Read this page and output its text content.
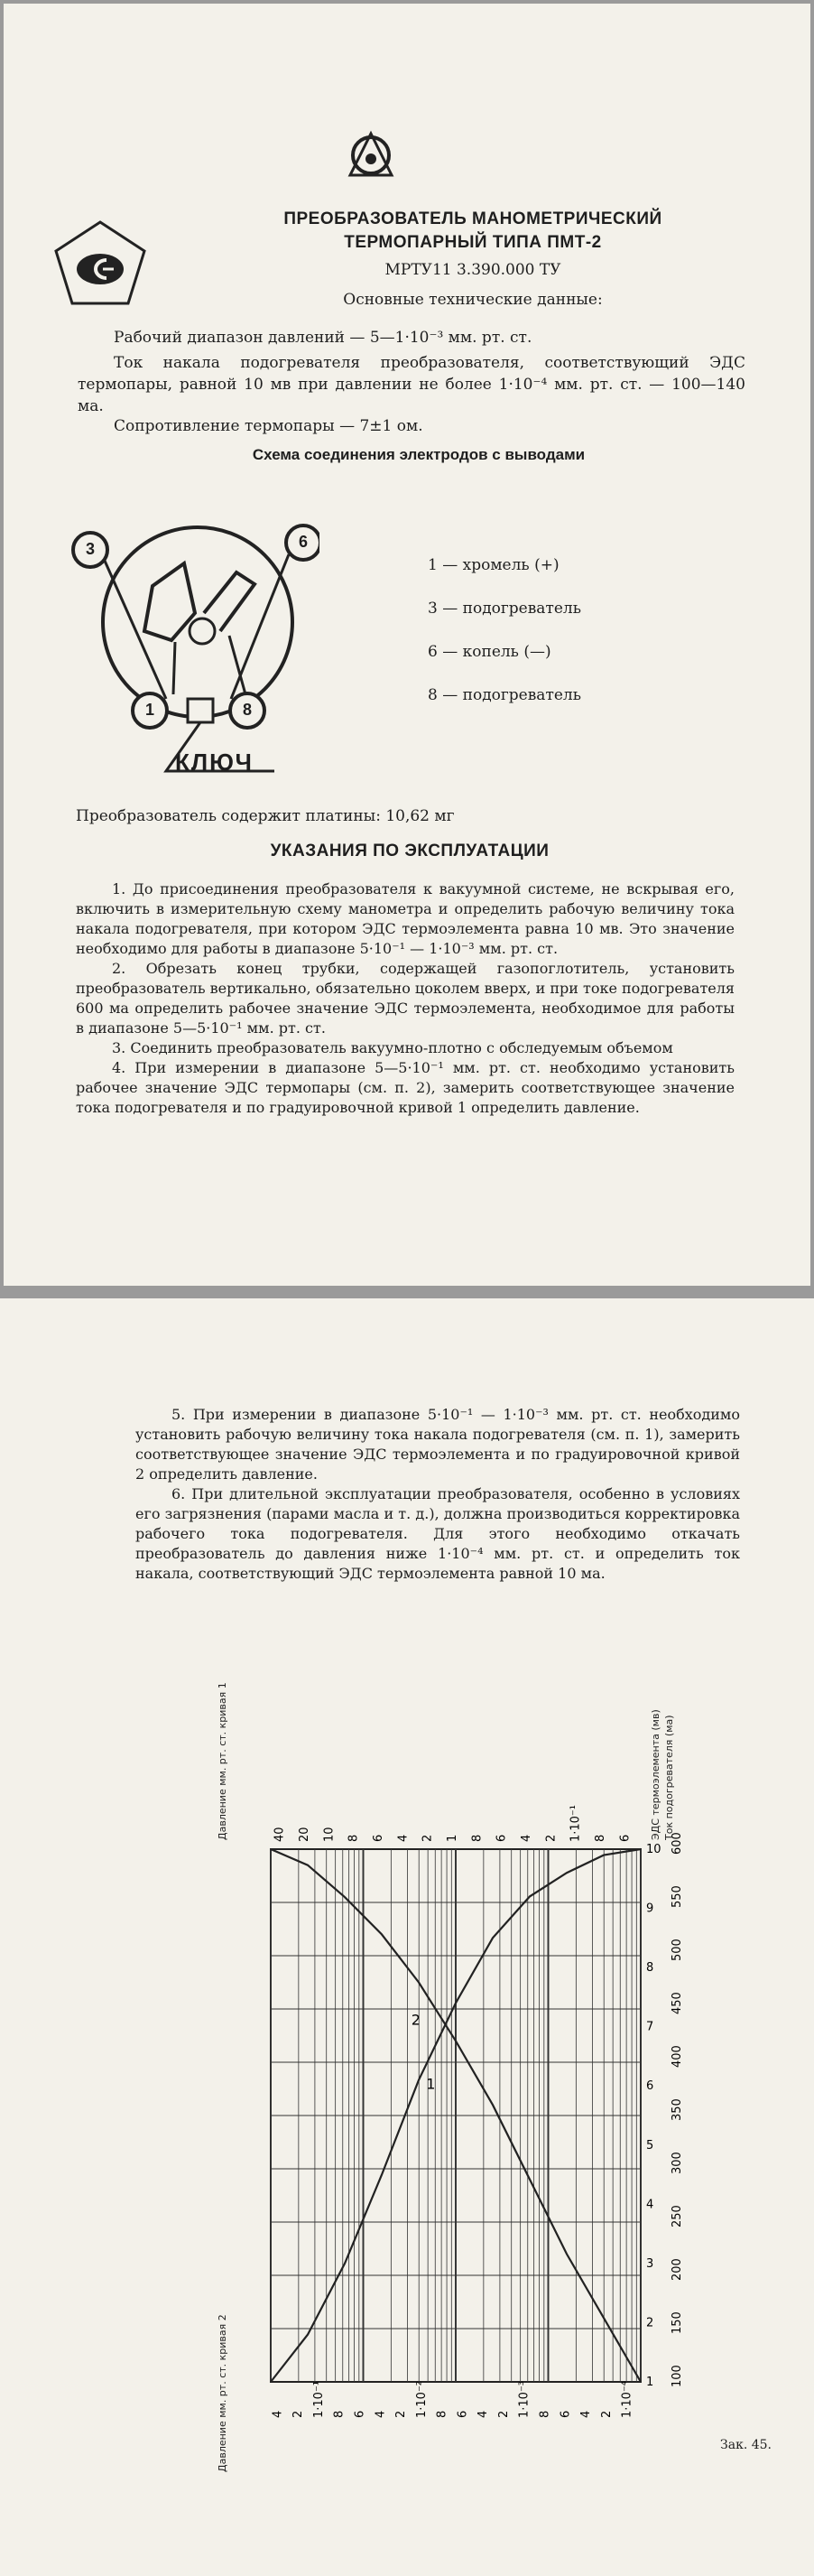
ПРЕОБРАЗОВАТЕЛЬ МАНОМЕТРИЧЕСКИЙ
ТЕРМОПАРНЫЙ ТИПА ПМТ-2
МРТУ11 3.390.000 ТУ
Основные технические данные:

Рабочий диапазон давлений — 5—1·10⁻³ мм. рт. ст.

Ток накала подогревателя преобразователя, соответствующий ЭДС термопары, равной 10 мв при давлении не более 1·10⁻⁴ мм. рт. ст. — 100—140 ма.

Сопротивление термопары — 7±1 ом.

Схема соединения электродов с выводами
3	6
1	8
КЛЮЧ
1 — хромель (+)
3 — подогреватель
6 — копель (—)
8 — подогреватель
Преобразователь содержит платины: 10,62 мг
УКАЗАНИЯ ПО ЭКСПЛУАТАЦИИ

1. До присоединения преобразователя к вакуумной системе, не вскрывая его, включить в измерительную схему манометра и определить рабочую величину тока накала подогревателя, при котором ЭДС термоэлемента равна 10 мв. Это значение необходимо для работы в диапазоне 5·10⁻¹ — 1·10⁻³ мм. рт. ст.

2. Обрезать конец трубки, содержащей газопоглотитель, установить преобразователь вертикально, обязательно цоколем вверх, и при токе подогревателя 600 ма определить рабочее значение ЭДС термоэлемента, необходимое для работы в диапазоне 5—5·10⁻¹ мм. рт. ст.

3. Соединить преобразователь вакуумно-плотно с обследуемым объемом

4. При измерении в диапазоне 5—5·10⁻¹ мм. рт. ст. необходимо установить рабочее значение ЭДС термопары (см. п. 2), замерить соответствующее значение тока подогревателя и по градуировочной кривой 1 определить давление.

5. При измерении в диапазоне 5·10⁻¹ — 1·10⁻³ мм. рт. ст. необходимо установить рабочую величину тока накала подогревателя (см. п. 1), замерить соответствующее значение ЭДС термоэлемента и по градуировочной кривой 2 определить давление.

6. При длительной эксплуатации преобразователя, особенно в условиях его загрязнения (парами масла и т. д.), должна производиться корректировка рабочего тока подогревателя. Для этого необходимо откачать преобразователь до давления ниже 1·10⁻⁴ мм. рт. ст. и определить ток накала, соответствующий ЭДС термоэлемента равной 10 ма.

40 20 10 8 6 4 2 1 8 6 4 2 1·10⁻¹ 8 6
4 2 1·10⁻¹ 8 6 4 2 1·10⁻² 8 6 4 2 1·10⁻³ 8 6 4 2 1·10⁻⁴
10
9
8
7
6
5
4
3
2
1
600
550
500
450
400
350
300
250
200
150
100
1
2
Давление мм. рт. ст. кривая 1
Давление мм. рт. ст. кривая 2
ЭДС термоэлемента (мв) Ток подогревателя (ма)
Зак. 45.
